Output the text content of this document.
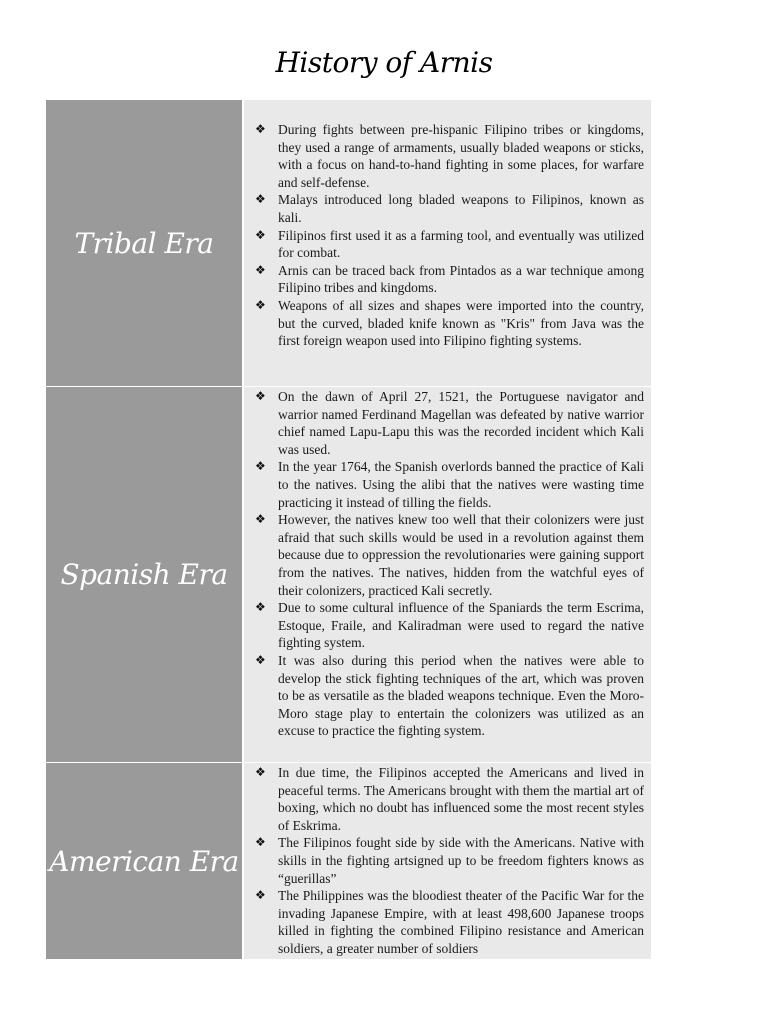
History of Arnis
Tribal Era
❖ During fights between pre-hispanic Filipino tribes or kingdoms, they used a range of armaments, usually bladed weapons or sticks, with a focus on hand-to-hand fighting in some places, for warfare and self-defense.
❖ Malays introduced long bladed weapons to Filipinos, known as kali.
❖ Filipinos first used it as a farming tool, and eventually was utilized for combat.
❖ Arnis can be traced back from Pintados as a war technique among Filipino tribes and kingdoms.
❖ Weapons of all sizes and shapes were imported into the country, but the curved, bladed knife known as "Kris" from Java was the first foreign weapon used into Filipino fighting systems.
Spanish Era
❖ On the dawn of April 27, 1521, the Portuguese navigator and warrior named Ferdinand Magellan was defeated by native warrior chief named Lapu-Lapu this was the recorded incident which Kali was used.
❖ In the year 1764, the Spanish overlords banned the practice of Kali to the natives. Using the alibi that the natives were wasting time practicing it instead of tilling the fields.
❖ However, the natives knew too well that their colonizers were just afraid that such skills would be used in a revolution against them because due to oppression the revolutionaries were gaining support from the natives. The natives, hidden from the watchful eyes of their colonizers, practiced Kali secretly.
❖ Due to some cultural influence of the Spaniards the term Escrima, Estoque, Fraile, and Kaliradman were used to regard the native fighting system.
❖ It was also during this period when the natives were able to develop the stick fighting techniques of the art, which was proven to be as versatile as the bladed weapons technique. Even the Moro-Moro stage play to entertain the colonizers was utilized as an excuse to practice the fighting system.
American Era
❖ In due time, the Filipinos accepted the Americans and lived in peaceful terms. The Americans brought with them the martial art of boxing, which no doubt has influenced some the most recent styles of Eskrima.
❖ The Filipinos fought side by side with the Americans. Native with skills in the fighting artsigned up to be freedom fighters knows as “guerillas”
❖ The Philippines was the bloodiest theater of the Pacific War for the invading Japanese Empire, with at least 498,600 Japanese troops killed in fighting the combined Filipino resistance and American soldiers, a greater number of soldiers
